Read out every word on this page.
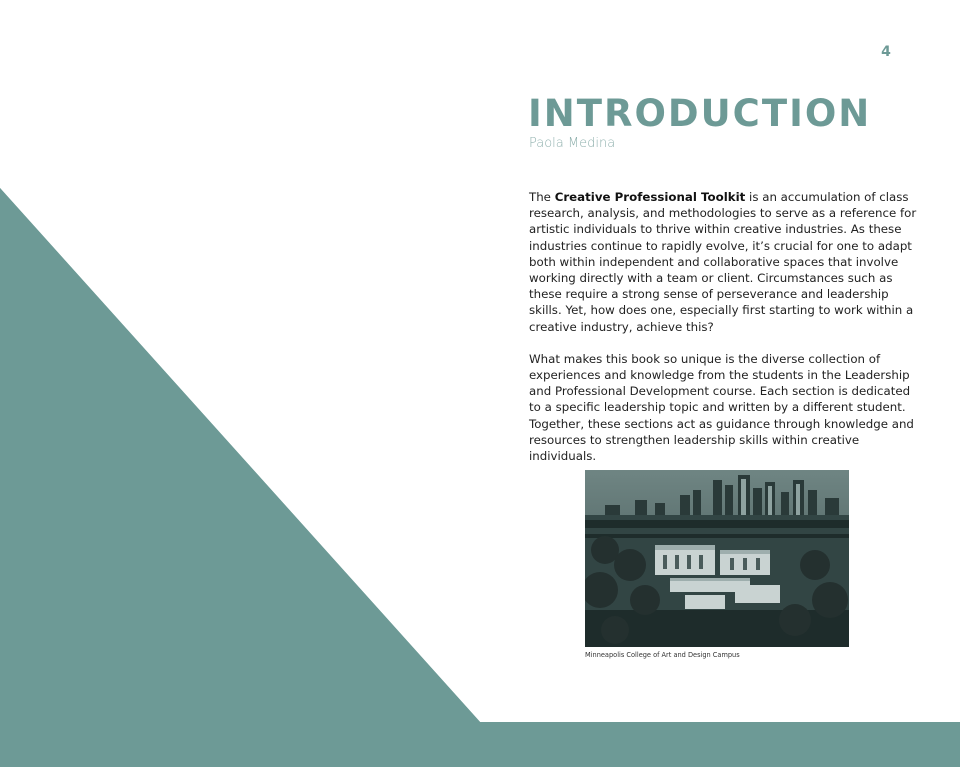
4
INTRODUCTION
Paola Medina

The Creative Professional Toolkit is an accumulation of class research, analysis, and methodologies to serve as a reference for artistic individuals to thrive within creative industries. As these industries continue to rapidly evolve, it’s crucial for one to adapt both within independent and collaborative spaces that involve working directly with a team or client. Circumstances such as these require a strong sense of perseverance and leadership skills. Yet, how does one, especially first starting to work within a creative industry, achieve this?

What makes this book so unique is the diverse collection of experiences and knowledge from the students in the Leadership and Professional Development course. Each section is dedicated to a specific leadership topic and written by a different student. Together, these sections act as guidance through knowledge and resources to strengthen leadership skills within creative individuals.

Minneapolis College of Art and Design Campus
